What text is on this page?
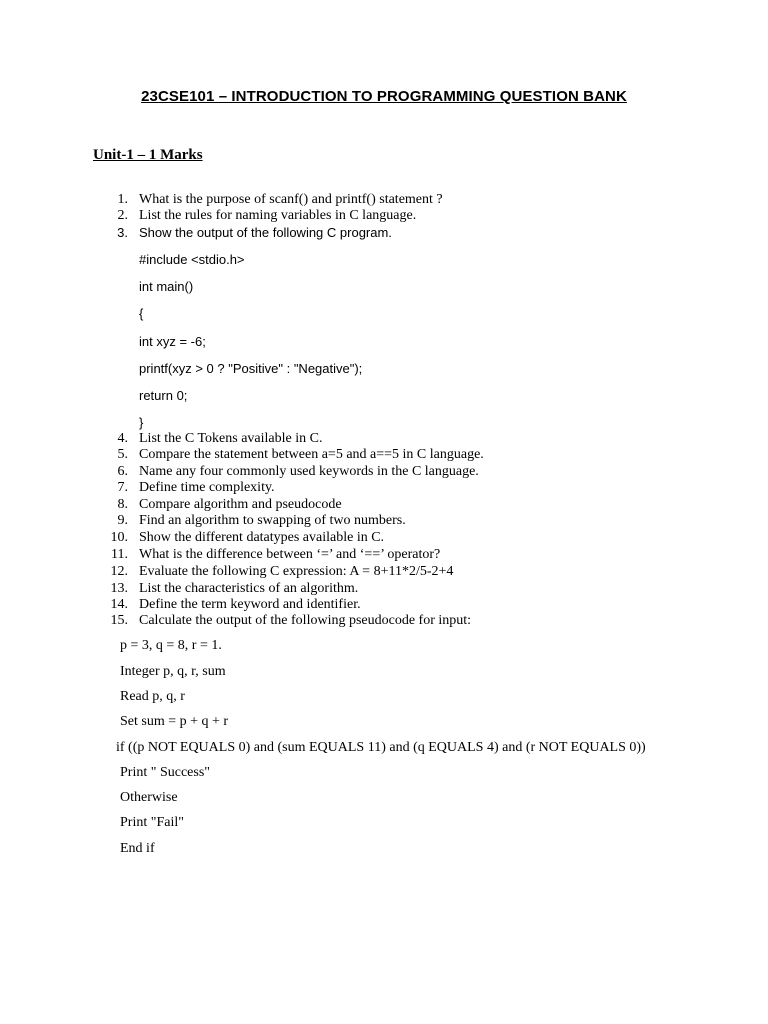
23CSE101 – INTRODUCTION TO PROGRAMMING QUESTION BANK
Unit-1 – 1 Marks
1. What is the purpose of scanf() and printf() statement ?
2. List the rules for naming variables in C language.
3. Show the output of the following C program.
#include <stdio.h>
int main()
{
int xyz = -6;
printf(xyz > 0 ? "Positive" : "Negative");
return 0;
}
4. List the C Tokens available in C.
5. Compare the statement between a=5 and a==5 in C language.
6. Name any four commonly used keywords in the C language.
7. Define time complexity.
8. Compare algorithm and pseudocode
9. Find an algorithm to swapping of two numbers.
10. Show the different datatypes available in C.
11. What is the difference between ‘=’ and ‘==’ operator?
12. Evaluate the following C expression: A = 8+11*2/5-2+4
13. List the characteristics of an algorithm.
14. Define the term keyword and identifier.
15. Calculate the output of the following pseudocode for input:
p = 3, q = 8, r = 1.
Integer p, q, r, sum
Read p, q, r
Set sum = p + q + r
if ((p NOT EQUALS 0) and (sum EQUALS 11) and (q EQUALS 4) and (r NOT EQUALS 0))
Print " Success"
Otherwise
Print "Fail"
End if
